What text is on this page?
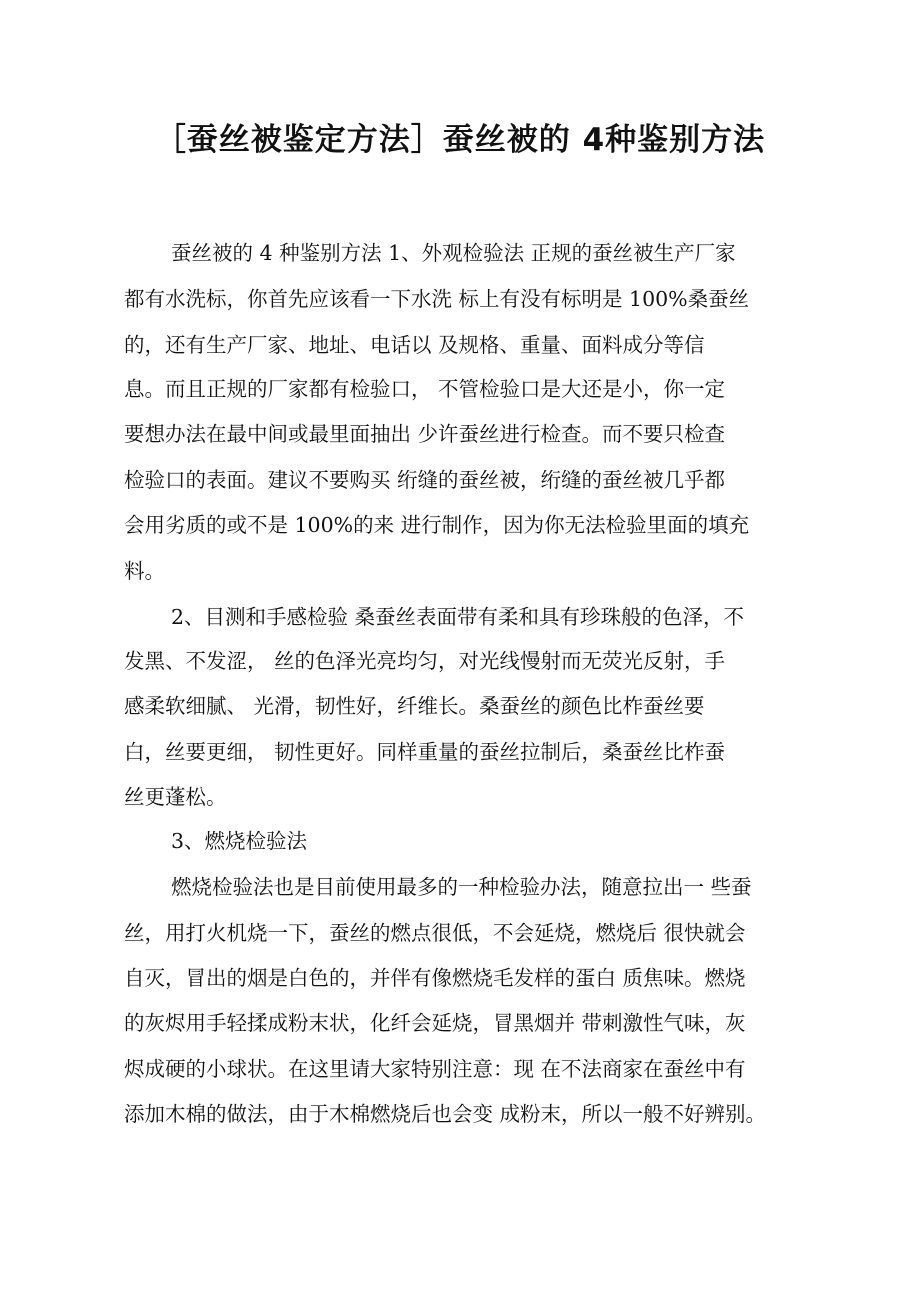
［蚕丝被鉴定方法］蚕丝被的 4种鉴别方法
蚕丝被的 4 种鉴别方法 1、外观检验法 正规的蚕丝被生产厂家
都有水洗标，你首先应该看一下水洗 标上有没有标明是 100%桑蚕丝
的，还有生产厂家、地址、电话以 及规格、重量、面料成分等信
息。而且正规的厂家都有检验口， 不管检验口是大还是小，你一定
要想办法在最中间或最里面抽出 少许蚕丝进行检查。而不要只检查
检验口的表面。建议不要购买 绗缝的蚕丝被，绗缝的蚕丝被几乎都
会用劣质的或不是 100%的来 进行制作，因为你无法检验里面的填充
料。
2、目测和手感检验 桑蚕丝表面带有柔和具有珍珠般的色泽，不
发黑、不发涩， 丝的色泽光亮均匀，对光线慢射而无荧光反射，手
感柔软细腻、 光滑，韧性好，纤维长。桑蚕丝的颜色比柞蚕丝要
白，丝要更细， 韧性更好。同样重量的蚕丝拉制后，桑蚕丝比柞蚕
丝更蓬松。
3、燃烧检验法
燃烧检验法也是目前使用最多的一种检验办法，随意拉出一 些蚕
丝，用打火机烧一下，蚕丝的燃点很低，不会延烧，燃烧后 很快就会
自灭，冒出的烟是白色的，并伴有像燃烧毛发样的蛋白 质焦味。燃烧
的灰烬用手轻揉成粉末状，化纤会延烧，冒黑烟并 带刺激性气味，灰
烬成硬的小球状。在这里请大家特别注意：现 在不法商家在蚕丝中有
添加木棉的做法，由于木棉燃烧后也会变 成粉末，所以一般不好辨别。
